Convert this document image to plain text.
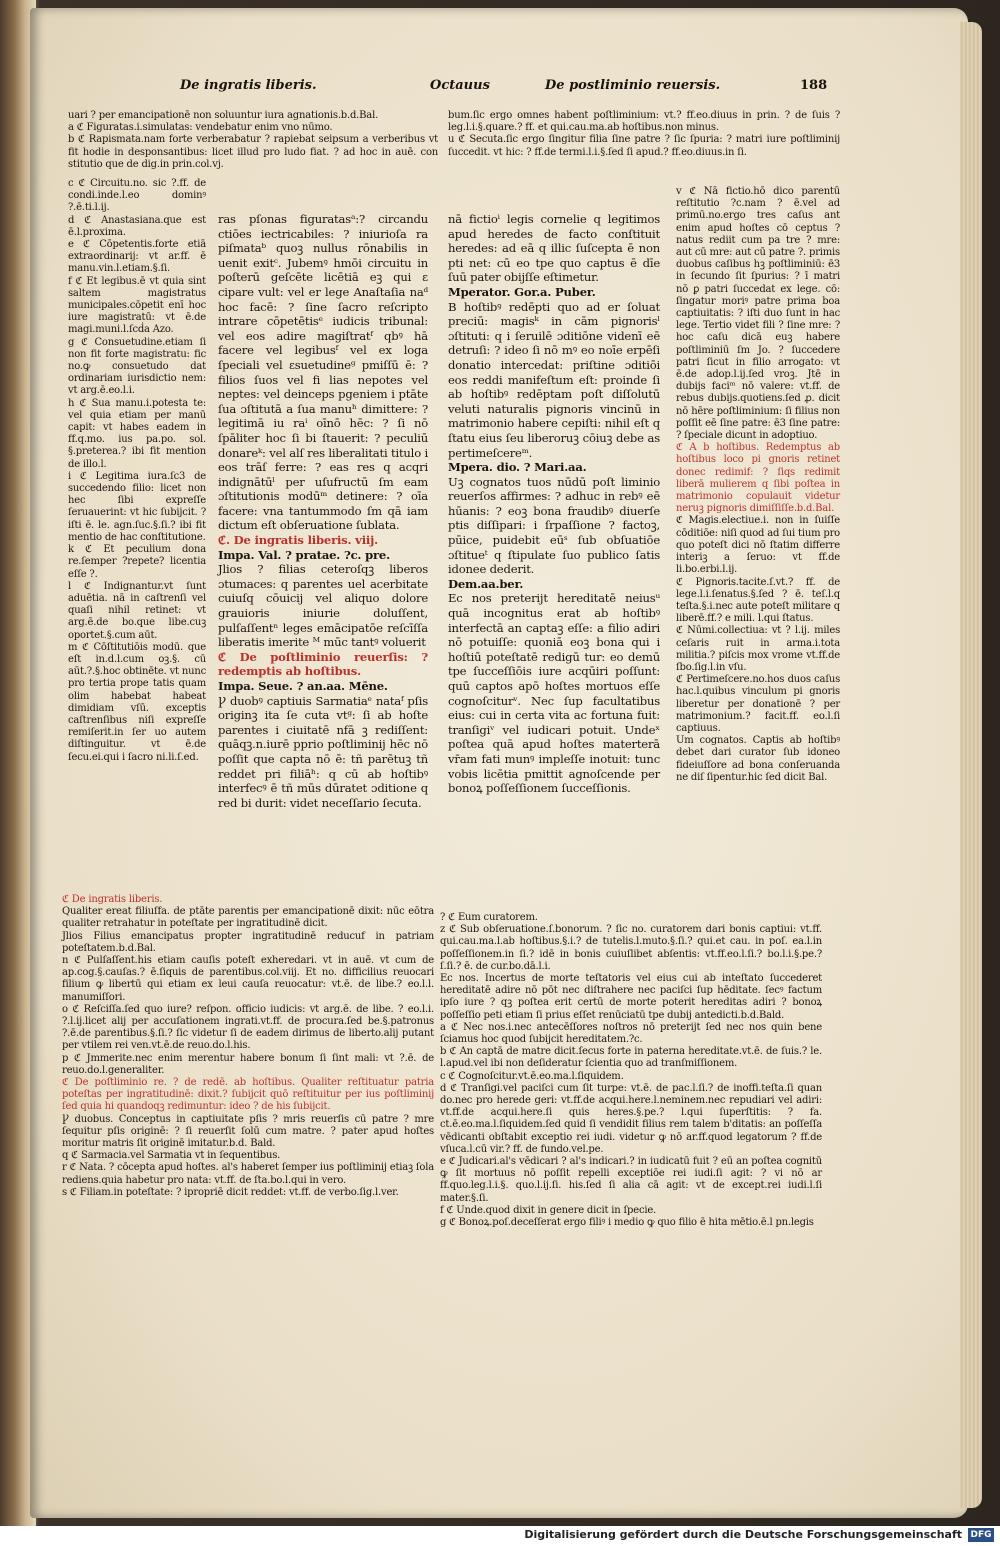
De ingratis liberis.	Octauus	De postliminio reuersis.	188

uari ? per emancipationē non soluuntur iura agnationis.b.d.Bal.

a ℭ Figuratas.i.simulatas: vendebatur enim vno nūmo.

b ℭ Rapismata.nam forte verberabatur ? rapiebat seipsum a verberibus vt fit hodie in desponsantibus: licet illud pro ludo fiat. ? ad hoc in auē. con stitutio que de dig.in prin.col.vj.

c ℭ Circuitu.no. sic ?.ff. de condi.inde.l.eo dominꝰ ?.ē.ti.l.ij.

d ℭ Anastasiana.que est ē.l.proxima.

e ℭ Cōpetentis.forte etiā extraordinarij: vt ar.ff. ē manu.vin.l.etiam.§.ſi.

f ℭ Et legibus.ē vt quia sint saltem magistratus municipales.cōpetit enī hoc iure magistratū: vt ē.de magi.muni.l.ſcḋa Azo.

g ℭ Consuetudine.etiam ſi non fit forte magistratu: fic no.ꝙ consuetudo dat ordinariam iurisdictio nem: vt arg.ē.eo.l.i.

h ℭ Sua manu.i.potesta te: vel quia etiam per manū capit: vt habes eadem in ff.q.mo. ius pa.po. sol. §.preterea.? ibi fit mention de illo.l.

i ℭ Legitima iura.ſc3 de succedendo filio: licet non hec ſibi expreſſe ſeruauerint: vt hic ſubijcit. ? iſti ē. le. agn.ſuc.§.ſi.? ibi fit mentio de hac conſtitutione.

k ℭ Et peculium dona re.ſemper ?repete? licentia eſſe ?.

l ℭ Indignantur.vt ſunt aduētia. nā in caſtrenſi vel quaſi nihil retinet: vt arg.ē.de bo.que libe.cuꝫ oportet.§.cum aūt.

m ℭ Cōſtitutiōis modū. que eſt in.d.l.cum oꝫ.§. cū aūt.?.§.hoc obtinēte. vt nunc pro tertia prope tatis quam olim habebat habeat dimidiam vſū. exceptis caſtrenſibus niſi expreſſe remiſerit.in ſer uo autem diſtinguitur. vt ē.de ſecu.ei.qui i ſacro ni.li.ſ.ed.

ras pſonas figuratasᵃ:? circandu ctiōes iectricabiles: ? iniurioſa ra piſmataᵇ quoꝫ nullus rōnabilis in uenit exitᶜ. Jubemꝰ hmōi circuitu in poſterū geſcēte licētiā eꝫ qui ɛ cipare vult: vel er lege Anaſtaſia naᵈ hoc facē: ? ſine ſacro reſcripto intrare cōpetētisᵉ iudicis tribunal: vel eos adire magiſtratᶠ qbꝰ hā facere vel legibusᶠ vel ex loga ſpeciali vel ɛsuetudineᵍ pmiſſū ē: ? filios ſuos vel fi lias nepotes vel neptes: vel deinceps pgeniem i ptāte ſua ɔſtitutā a ſua manuʰ dimittere: ? legitimā iu raⁱ oīnō hēc: ? ſi nō ſpāliter hoc ſi bi ſtauerit: ? peculiū donareᵏ: vel alſ res liberalitati titulo i eos trāſ ferre: ? eas res q acqri indignātūˡ per uſufructū ſm eam ɔſtitutionis modūᵐ detinere: ? oīa facere: vna tantummodo ſm qā iam dictum eſt obſeruatione ſublata.

ℭ. De ingratis liberis. viij.

Impa. Val. ? pratae. ?c. pre.

Jlios ? filias ceteroſqꝫ liberos ɔtumaces: q parentes uel acerbitate cuiuſq cōuicij vel aliquo dolore grauioris iniurie doluſſent, pulſaſſentⁿ leges emācipatōe reſcīſſa liberatis imerite ᴹ mūc tantꝰ voluerit

ℭ De poſtliminio reuerſis: ? redemptis ab hoſtibus.

Impa. Seue. ? an.aa. Mēne.

Ꝩ duobꝰ captiuis Sarmatiaᵉ nataᶠ pſis originꝫ ita ſe cuta vtᵍ: ſi ab hoſte parentes i ciuitatē nfā ꝫ rediſſent: quāqꝫ.n.iurē pprio poſtliminij hēc nō poſſit que capta nō ē: tñ parētuꝫ tñ reddet pri filiāʰ: q cū ab hoſtibꝰ interfecꝰ ē tñ mūs dūratet ɔditione q red bi durit: videt neceſſario ſecuta.

bum.ſic ergo omnes habent poſtliminium: vt.? ff.eo.diuus in prin. ? de ſuis ? leg.l.i.§.quare.? ff. et qui.cau.ma.ab hoſtibus.non minus.

u ℭ Secuta.ſic ergo ſingitur filia ſine patre ? ſic ſpuria: ? matri iure poſtliminij ſuccedit. vt hic: ? ff.de termi.l.i.§.ſed ſi apud.? ff.eo.diuus.in ſi.

nā fictioⁱ legis cornelie q legitimos apud heredes de facto conſtituit heredes: ad eā q illic ſuſcepta ē non pti net: cū eo tpe quo captus ē dīe ſuū pater obijſſe eſtimetur.

Mperator. Gor.a. Puber.

B hoſtibꝰ redēpti quo ad er ſoluat preciū: magisᵏ in cām pignorisˡ ɔſtituti: q i ſeruilē ɔditiōne videnī eē detruſi: ? ideo ſi nō mꝰ eo noīe erpēſi donatio intercedat: priſtine ɔditiōi eos reddi manifeſtum eſt: proinde ſi ab hoſtibꝰ redēptam poſt diſſolutū veluti naturalis pignoris vincinū in matrimonio habere cepiſti: nihil eſt q ſtatu eius ſeu liberoruꝫ cōiuꝫ debe as pertimeſcereᵐ.

Mpera. dio. ? Mari.aa.

Uꝫ cognatos tuos nūdū poſt liminio reuerſos affirmes: ? adhuc in rebꝰ eē hūanis: ? eoꝫ bona fraudibꝰ diuerſe ptis diſſipari: i ſrpaſſione ? factoꝫ, pūice, puidebit eūˢ ſub obſuatiōe ɔſtitueᵗ q ſtipulate ſuo publico ſatis idonee dederit.

Dem.aa.ber.

Ec nos preterijt hereditatē neiusᵘ quā incognitus erat ab hoſtibꝰ interfectā an captaꝫ eſſe: a filio adiri nō potuiſſe: quoniā eoꝫ bona qui i hoſtiū poteſtatē redigū tur: eo demū tpe ſucceſſiōis iure acqūiri poſſunt: quū captos apō hoſtes mortuos eſſe cognoſciturᵛ. Nec ſup facultatibus eius: cui in certa vita ac fortuna fuit: tranſigiᵛ vel iudicari potuit. Undeˣ poſtea quā apud hoſtes materterā vr̄am fati munꝰ impleſſe inotuit: tunc vobis licētia pmittit agnoſcende per bonoꝝ poſſeſſionem ſucceſſionis.

v ℭ Nā fictio.hō dico parentū reſtitutio ?c.nam ? ē.vel ad primū.no.ergo tres caſus ant enim apud hoſtes cō ceptus ? natus rediit cum pa tre ? mre: aut cū mre: aut cū patre ?. primis duobus caſibus hꝫ poſtliminiū: ē3 in ſecundo ſit ſpurius: ? ī matri nō ꝑ patri ſuccedat ex lege. cō: ſingatur moriꝰ patre prima boa captiuitatis: ? iſti duo ſunt in hac lege. Tertio videt fili ? ſine mre: ? hoc caſu dicā euꝫ habere poſtliminiū ſm Jo. ? ſuccedere patri ſicut in filio arrogato: vt ē.de adop.l.ij.ſed vroꝫ. Jtē in dubijs faciᵐ nō valere: vt.ff. de rebus dubijs.quotiens.ſed ꝓ. dicit nō hēre poſtliminium: ſi filius non poſſit eē ſine patre: ē3 ſine patre: ? ſpeciale dicunt in adoptiuo.

ℭ A b hoſtibus. Redemptus ab hoſtibus loco pi gnoris retinet donec redimif: ? ſiqs redimit liberā mulierem q ſibi poſtea in matrimonio copulauit videtur neruꝫ pignoris dimiſſiſſe.b.d.Bal.

ℭ Magis.electiue.i. non in ſuiſſe cōditiōe: niſi quod ad ſui tium pro quo poteſt dici nō ſtatim differre interiꝫ a ſeruo: vt ff.de li.bo.erbi.l.ij.

ℭ Pignoris.tacite.ſ.vt.? ff. de lege.l.i.ſenatus.§.ſed ? ē. teſ.l.q teſta.§.i.nec aute poteſt militare q liberē.ff.? e mili. l.qui ſtatus.

ℭ Nūmi.collectiua: vt ? l.ij. miles ceſaris ruit in arma.i.tota militia.? piſcis mox vrome vt.ff.de ſbo.ſig.l.in vſu.

ℭ Pertimeſcere.no.hos duos caſus hac.l.quibus vinculum pi gnoris liberetur per donationē ? per matrimonium.? facit.ff. eo.l.ſi captiuus.

Um cognatos. Captis ab hoſtibꝰ debet dari curator ſub idoneo fideiuſſore ad bona conſeruanda ne diſ ſipentur.hic ſed dicit Bal.

ℭ De ingratis liberis.

Qualiter ereat filiuſfa. de ptāte parentis per emancipationē dixit: nūc eōtra qualiter retrahatur in poteſtate per ingratitudinē dicit.

Jlios Filius emancipatus propter ingratitudinē reducuf in patriam poteſtatem.b.d.Bal.

n ℭ Pulſaſſent.his etiam cauſis poteſt exheredari. vt in auē. vt cum de ap.cog.§.cauſas.? ē.ſiquis de parentibus.col.viij. Et no. difficilius reuocari filium ꝙ libertū qui etiam ex leui cauſa reuocatur: vt.ē. de libe.? eo.l.l. manumiſſori.

o ℭ Reſciſſa.ſed quo iure? reſpon. officio iudicis: vt arg.ē. de libe. ? eo.l.i. ?.l.ij.licet alij per accuſationem ingrati.vt.ff. de procura.ſed be.§.patronus ?.ē.de parentibus.§.ſi.? ſic videtur ſi de eadem dirimus de liberto.alij putant per vtilem rei ven.vt.ē.de reuo.do.l.his.

p ℭ Jmmerite.nec enim merentur habere bonum ſi ſint mali: vt ?.ē. de reuo.do.l.generaliter.

ℭ De poſtliminio re. ? de redē. ab hoſtibus. Qualiter reſtituatur patria poteſtas per ingratitudinē: dixit.? ſubijcit quō reſtituitur per ius poſtliminij ſed quia hi quandoqꝫ redimuntur: ideo ? de his ſubijcit.

Ꝩ duobus. Conceptus in captiuitate pſis ? mris reuerſis cū patre ? mre ſequitur pſis originē: ? ſi reuerſit ſolū cum matre. ? pater apud hoſtes moritur matris ſit originē imitatur.b.d. Bald.

q ℭ Sarmacia.vel Sarmatia vt in ſequentibus.

r ℭ Nata. ? cōcepta apud hoſtes. al's haberet ſemper ius poſtliminij etiaꝫ ſola rediens.quia habetur pro nata: vt.ff. de ſta.bo.l.qui in vero.

s ℭ Filiam.in poteſtate: ? ipropriē dicit reddet: vt.ff. de verbo.ſig.l.ver.

? ℭ Eum curatorem.

z ℭ Sub obſeruatione.ſ.bonorum. ? ſic no. curatorem dari bonis captiui: vt.ff. qui.cau.ma.l.ab hoſtibus.§.i.? de tutelis.l.muto.§.ſi.? qui.et cau. in poſ. ea.l.in poſſeſſionem.in ſi.? idē in bonis cuiuſlibet abſentis: vt.ff.eo.l.ſi.? bo.l.i.§.pe.? ſ.ſi.? ē. de cur.bo.dā.l.i.

Ec nos. Incertus de morte teſtatoris vel eius cui ab inteſtato ſuccederet hereditatē adire nō pōt nec diſtrahere nec paciſci ſup hēditate. ſecꝰ factum ipſo iure ? qꝫ poſtea erit certū de morte poterit hereditas adiri ? bonoꝝ poſſeſſio peti etiam ſi prius eſſet renūciatū tpe dubij antedicti.b.d.Bald.

a ℭ Nec nos.i.nec antecēſſores noſtros nō preterijt ſed nec nos quin bene ſciamus hoc quod ſubijcit hereditatem.?c.

b ℭ An captā de matre dicit.ſecus forte in paterna hereditate.vt.ē. de ſuis.? le. l.apud.vel ibi non deſideratur ſcientia quo ad tranſmiſſionem.

c ℭ Cognoſcitur.vt.ē.eo.ma.l.ſiquidem.

d ℭ Tranſigi.vel paciſci cum ſit turpe: vt.ē. de pac.l.ſi.? de inoffi.teſta.ſi quan do.nec pro herede geri: vt.ff.de acqui.here.l.neminem.nec repudiari vel adiri: vt.ff.de acqui.here.ſi quis heres.§.pe.? l.qui ſuperſtitis: ? fa. ct.ē.eo.ma.l.ſiquidem.ſed quid ſi vendidit filius rem talem b'ditatis: an poſſeſſa vēdicanti obſtabit exceptio rei iudi. videtur ꝙ nō ar.ff.quod legatorum ? ff.de vſuca.l.cū vir.? ff. de fundo.vel.pe.

e ℭ Judicari.al's vēdicari ? al's indicari.? in iudicatū fuit ? eū an poſtea cognitū ꝙ ſit mortuus nō poſſit repelli exceptiōe rei iudi.ſi agit: ? vi nō ar ff.quo.leg.l.i.§. quo.l.ij.ſi. his.ſed ſi alia cā agit: vt de except.rei iudi.l.ſi mater.§.ſi.

f ℭ Unde.quod dixit in genere dicit in ſpecie.

g ℭ Bonoꝝ.poſ.deceſſerat ergo filiꝰ i medio ꝙ quo filio ē hita mētio.ē.l pn.legis

Digitalisierung gefördert durch die Deutsche Forschungsgemeinschaft DFG
